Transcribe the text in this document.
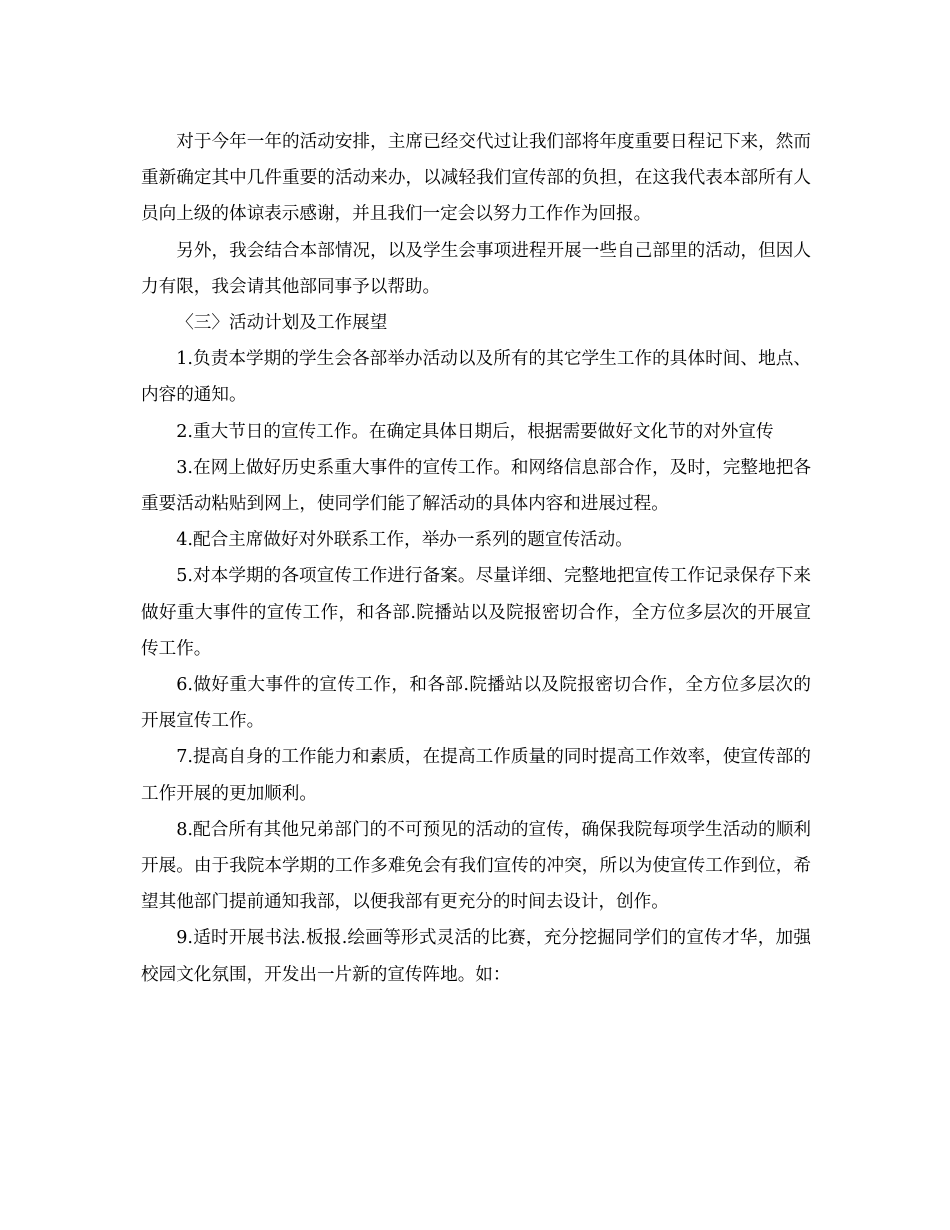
对于今年一年的活动安排，主席已经交代过让我们部将年度重要日程记下来，然而重新确定其中几件重要的活动来办，以减轻我们宣传部的负担，在这我代表本部所有人员向上级的体谅表示感谢，并且我们一定会以努力工作作为回报。

另外，我会结合本部情况，以及学生会事项进程开展一些自己部里的活动，但因人力有限，我会请其他部同事予以帮助。

〈三〉活动计划及工作展望

1.负责本学期的学生会各部举办活动以及所有的其它学生工作的具体时间、地点、内容的通知。

2.重大节日的宣传工作。在确定具体日期后，根据需要做好文化节的对外宣传

3.在网上做好历史系重大事件的宣传工作。和网络信息部合作，及时，完整地把各重要活动粘贴到网上，使同学们能了解活动的具体内容和进展过程。

4.配合主席做好对外联系工作，举办一系列的题宣传活动。

5.对本学期的各项宣传工作进行备案。尽量详细、完整地把宣传工作记录保存下来做好重大事件的宣传工作，和各部.院播站以及院报密切合作，全方位多层次的开展宣传工作。

6.做好重大事件的宣传工作，和各部.院播站以及院报密切合作，全方位多层次的开展宣传工作。

7.提高自身的工作能力和素质，在提高工作质量的同时提高工作效率，使宣传部的工作开展的更加顺利。

8.配合所有其他兄弟部门的不可预见的活动的宣传，确保我院每项学生活动的顺利开展。由于我院本学期的工作多难免会有我们宣传的冲突，所以为使宣传工作到位，希望其他部门提前通知我部，以便我部有更充分的时间去设计，创作。

9.适时开展书法.板报.绘画等形式灵活的比赛，充分挖掘同学们的宣传才华，加强校园文化氛围，开发出一片新的宣传阵地。如：
